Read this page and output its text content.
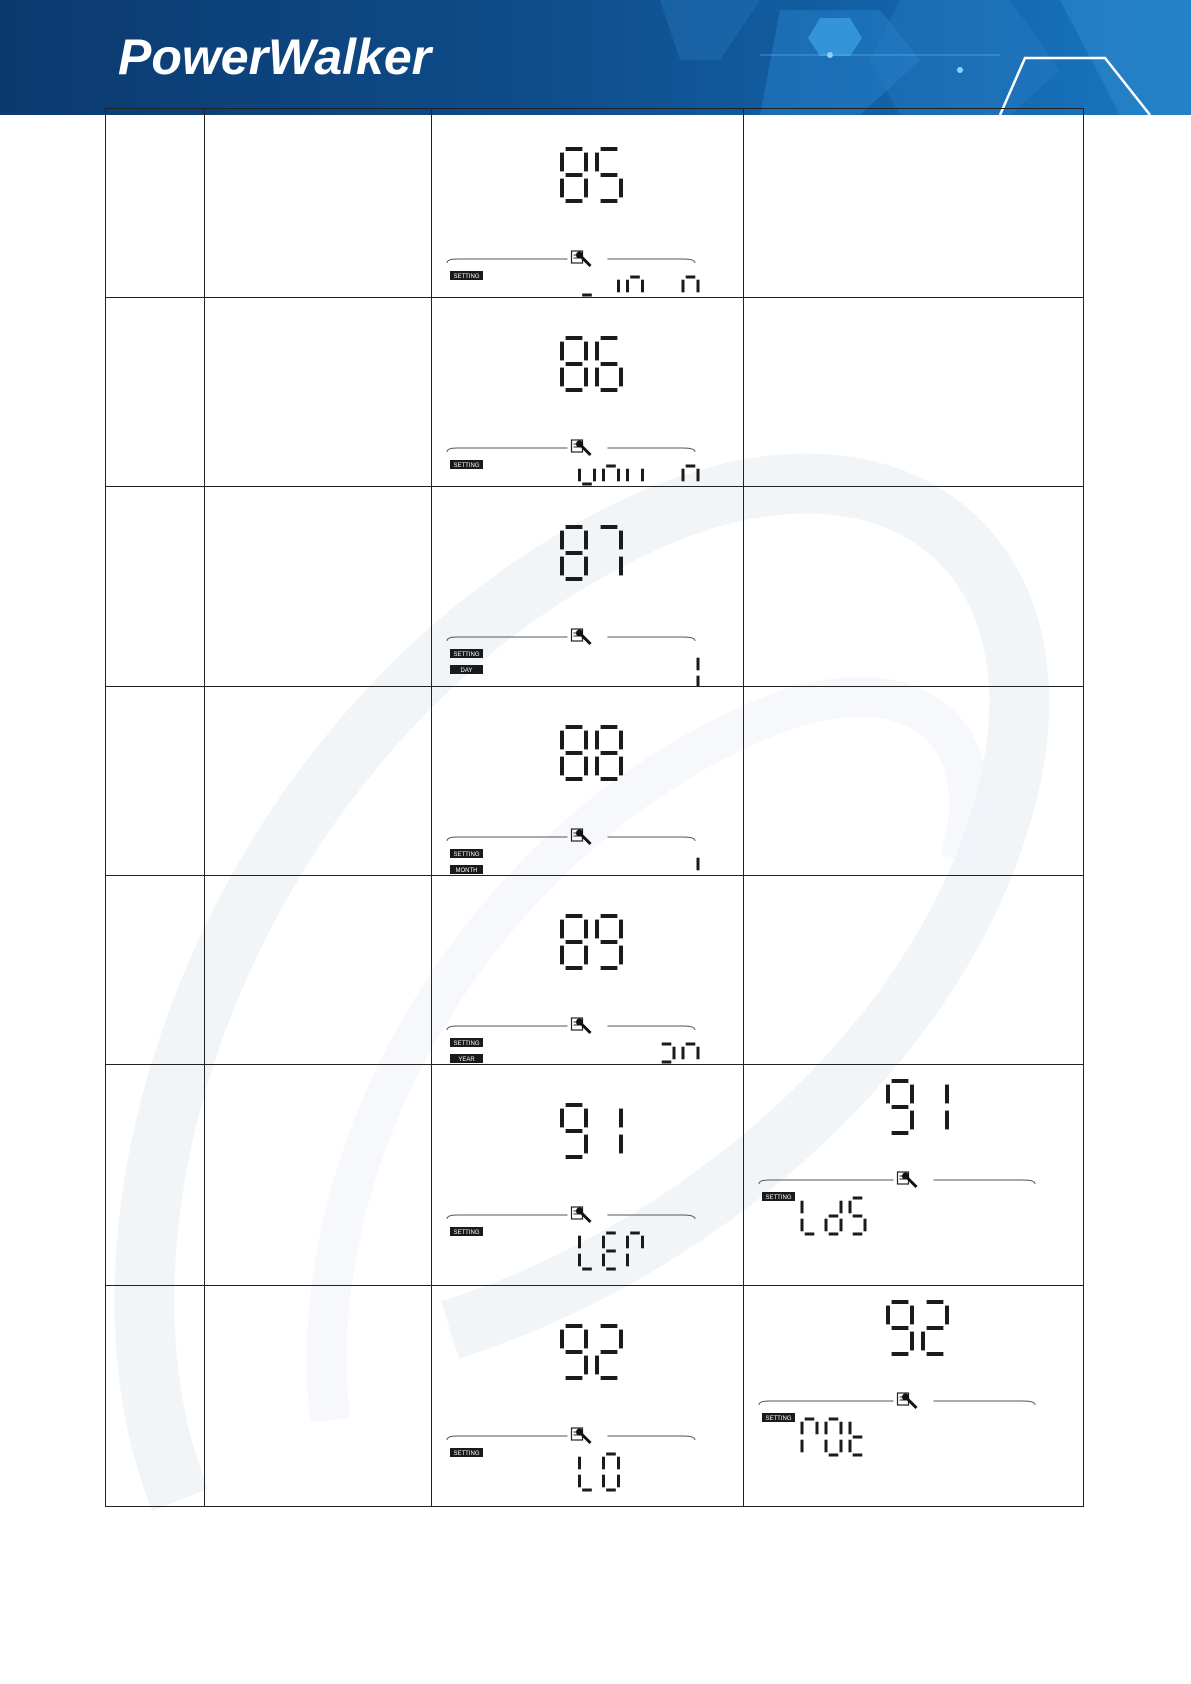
PowerWalker

SETTING	

SETTING	

SETTING
DAY	

SETTING
MONTH	

SETTING
YEAR	

SETTING	SETTING

SETTING	SETTING
